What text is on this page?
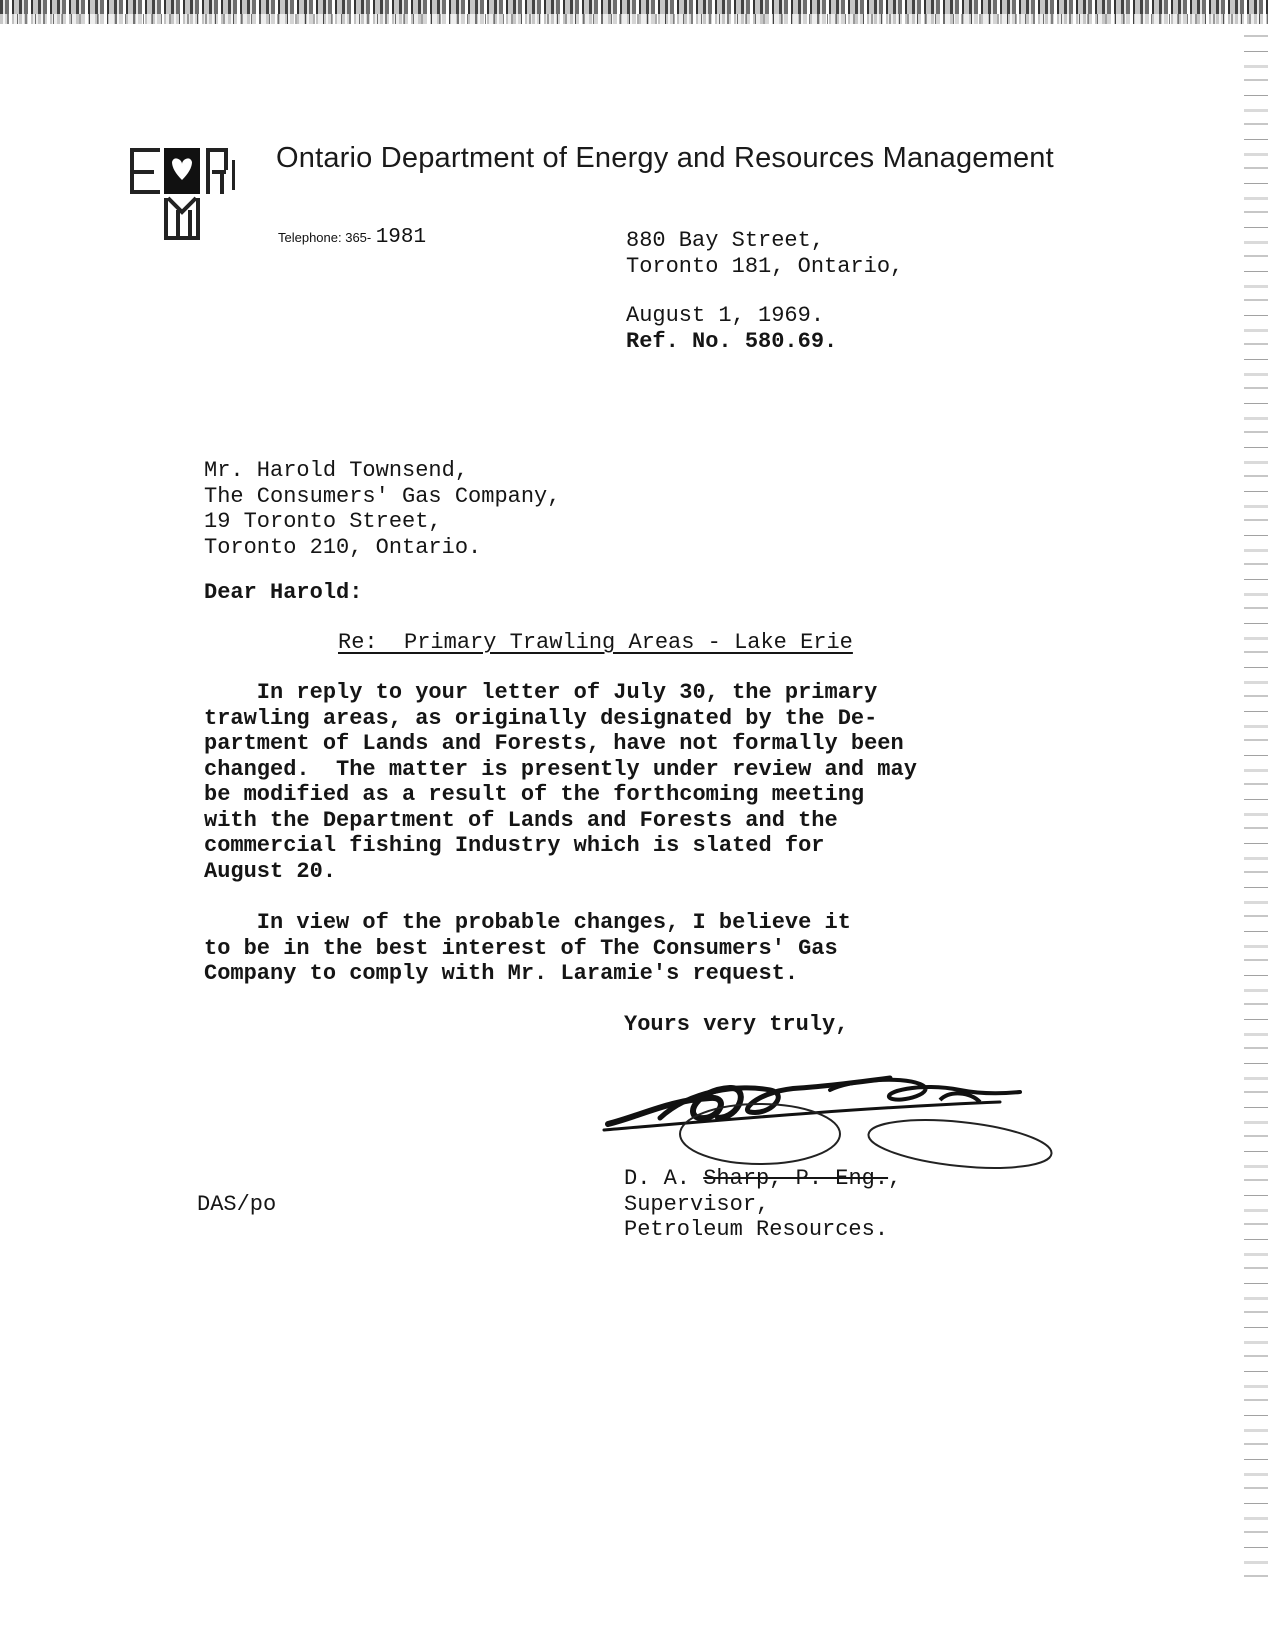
Ontario Department of Energy and Resources Management
Telephone: 365- 1981	880 Bay Street,
Toronto 181, Ontario,
August 1, 1969.
Ref. No. 580.69.
Mr. Harold Townsend,
The Consumers' Gas Company,
19 Toronto Street,
Toronto 210, Ontario.
Dear Harold:
Re:  Primary Trawling Areas - Lake Erie
In reply to your letter of July 30, the primary
trawling areas, as originally designated by the De-
partment of Lands and Forests, have not formally been
changed.  The matter is presently under review and may
be modified as a result of the forthcoming meeting
with the Department of Lands and Forests and the
commercial fishing Industry which is slated for
August 20.
In view of the probable changes, I believe it
to be in the best interest of The Consumers' Gas
Company to comply with Mr. Laramie's request.
Yours very truly,
D. A. Sharp, P. Eng.,
Supervisor,
Petroleum Resources.
DAS/po
